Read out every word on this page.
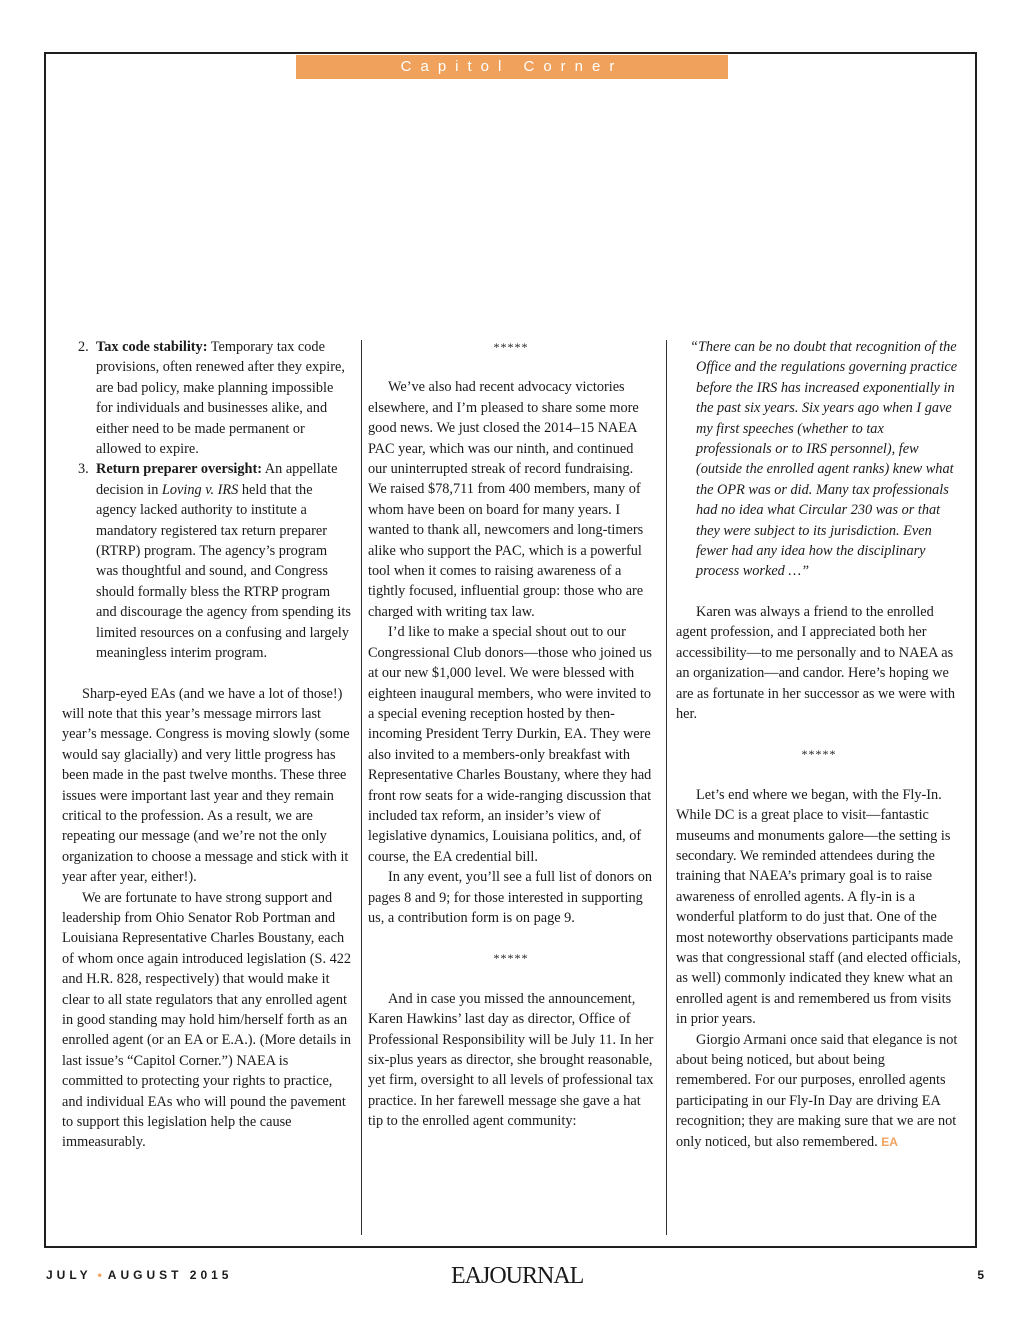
Capitol Corner
2. Tax code stability: Temporary tax code provisions, often renewed after they expire, are bad policy, make planning impossible for individuals and businesses alike, and either need to be made permanent or allowed to expire.
3. Return preparer oversight: An appellate decision in Loving v. IRS held that the agency lacked authority to institute a mandatory registered tax return preparer (RTRP) program. The agency’s program was thoughtful and sound, and Congress should formally bless the RTRP program and discourage the agency from spending its limited resources on a confusing and largely meaningless interim program.

Sharp-eyed EAs (and we have a lot of those!) will note that this year’s message mirrors last year’s message. Congress is moving slowly (some would say glacially) and very little progress has been made in the past twelve months. These three issues were important last year and they remain critical to the profession. As a result, we are repeating our message (and we’re not the only organization to choose a message and stick with it year after year, either!).

We are fortunate to have strong support and leadership from Ohio Senator Rob Portman and Louisiana Representative Charles Boustany, each of whom once again introduced legislation (S. 422 and H.R. 828, respectively) that would make it clear to all state regulators that any enrolled agent in good standing may hold him/herself forth as an enrolled agent (or an EA or E.A.). (More details in last issue’s “Capitol Corner.”) NAEA is committed to protecting your rights to practice, and individual EAs who will pound the pavement to support this legislation help the cause immeasurably.

*****

We’ve also had recent advocacy victories elsewhere, and I’m pleased to share some more good news. We just closed the 2014–15 NAEA PAC year, which was our ninth, and continued our uninterrupted streak of record fundraising. We raised $78,711 from 400 members, many of whom have been on board for many years. I wanted to thank all, newcomers and long-timers alike who support the PAC, which is a powerful tool when it comes to raising awareness of a tightly focused, influential group: those who are charged with writing tax law.

I’d like to make a special shout out to our Congressional Club donors—those who joined us at our new $1,000 level. We were blessed with eighteen inaugural members, who were invited to a special evening reception hosted by then-incoming President Terry Durkin, EA. They were also invited to a members-only breakfast with Representative Charles Boustany, where they had front row seats for a wide-ranging discussion that included tax reform, an insider’s view of legislative dynamics, Louisiana politics, and, of course, the EA credential bill.

In any event, you’ll see a full list of donors on pages 8 and 9; for those interested in supporting us, a contribution form is on page 9.

*****

And in case you missed the announcement, Karen Hawkins’ last day as director, Office of Professional Responsibility will be July 11. In her six-plus years as director, she brought reasonable, yet firm, oversight to all levels of professional tax practice. In her farewell message she gave a hat tip to the enrolled agent community:

“There can be no doubt that recognition of the Office and the regulations governing practice before the IRS has increased exponentially in the past six years. Six years ago when I gave my first speeches (whether to tax professionals or to IRS personnel), few (outside the enrolled agent ranks) knew what the OPR was or did. Many tax professionals had no idea what Circular 230 was or that they were subject to its jurisdiction. Even fewer had any idea how the disciplinary process worked …”

Karen was always a friend to the enrolled agent profession, and I appreciated both her accessibility—to me personally and to NAEA as an organization—and candor. Here’s hoping we are as fortunate in her successor as we were with her.

*****

Let’s end where we began, with the Fly-In. While DC is a great place to visit—fantastic museums and monuments galore—the setting is secondary. We reminded attendees during the training that NAEA’s primary goal is to raise awareness of enrolled agents. A fly-in is a wonderful platform to do just that. One of the most noteworthy observations participants made was that congressional staff (and elected officials, as well) commonly indicated they knew what an enrolled agent is and remembered us from visits in prior years.

Giorgio Armani once said that elegance is not about being noticed, but about being remembered. For our purposes, enrolled agents participating in our Fly-In Day are driving EA recognition; they are making sure that we are not only noticed, but also remembered. EA

JULY • AUGUST 2015	EAJOURNAL	5
